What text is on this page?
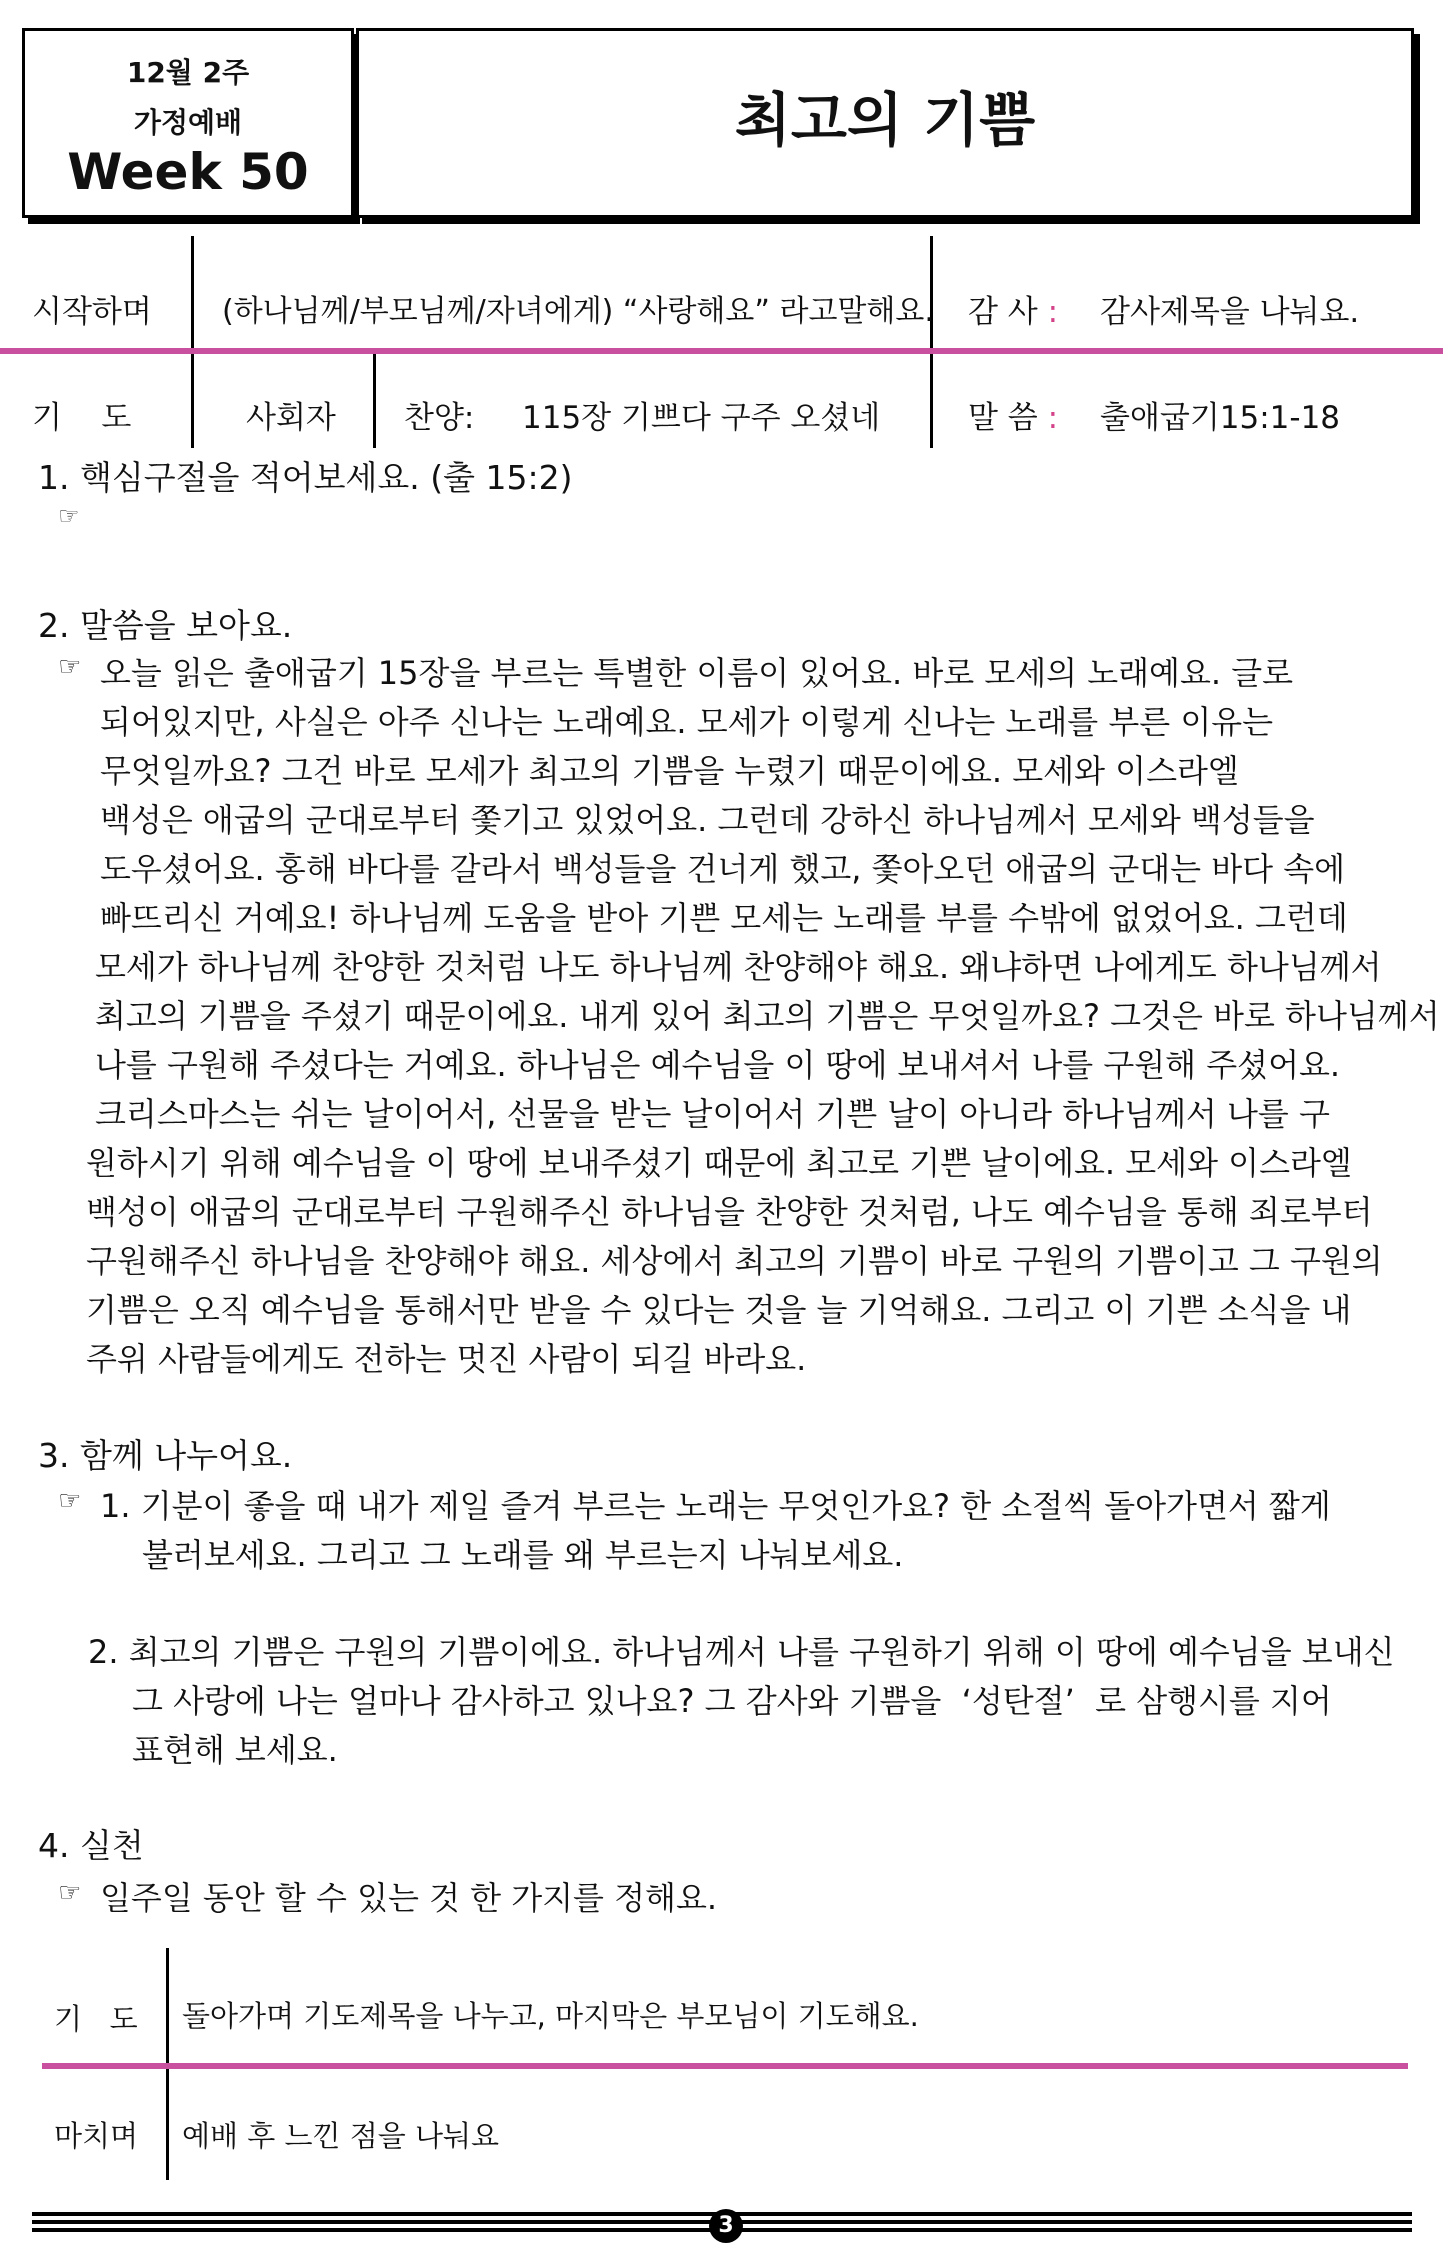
12월 2주
가정예배
Week 50
최고의 기쁨
시작하며 (하나님께/부모님께/자녀에게) “사랑해요” 라고말해요. 감 사 : 감사제목을 나눠요.
기    도	사회자 찬양: 115장 기쁘다 구주 오셨네	말 씀 : 출애굽기15:1-18
1. 핵심구절을 적어보세요. (출 15:2)
☞
2. 말씀을 보아요.
☞ 오늘 읽은 출애굽기 15장을 부르는 특별한 이름이 있어요. 바로 모세의 노래예요. 글로
되어있지만, 사실은 아주 신나는 노래예요. 모세가 이렇게 신나는 노래를 부른 이유는
무엇일까요? 그건 바로 모세가 최고의 기쁨을 누렸기 때문이에요. 모세와 이스라엘
백성은 애굽의 군대로부터 쫓기고 있었어요. 그런데 강하신 하나님께서 모세와 백성들을
도우셨어요. 홍해 바다를 갈라서 백성들을 건너게 했고, 쫓아오던 애굽의 군대는 바다 속에
빠뜨리신 거예요! 하나님께 도움을 받아 기쁜 모세는 노래를 부를 수밖에 없었어요. 그런데
모세가 하나님께 찬양한 것처럼 나도 하나님께 찬양해야 해요. 왜냐하면 나에게도 하나님께서
최고의 기쁨을 주셨기 때문이에요. 내게 있어 최고의 기쁨은 무엇일까요? 그것은 바로 하나님께서
나를 구원해 주셨다는 거예요. 하나님은 예수님을 이 땅에 보내셔서 나를 구원해 주셨어요.
크리스마스는 쉬는 날이어서, 선물을 받는 날이어서 기쁜 날이 아니라 하나님께서 나를 구
원하시기 위해 예수님을 이 땅에 보내주셨기 때문에 최고로 기쁜 날이에요. 모세와 이스라엘
백성이 애굽의 군대로부터 구원해주신 하나님을 찬양한 것처럼, 나도 예수님을 통해 죄로부터
구원해주신 하나님을 찬양해야 해요. 세상에서 최고의 기쁨이 바로 구원의 기쁨이고 그 구원의
기쁨은 오직 예수님을 통해서만 받을 수 있다는 것을 늘 기억해요. 그리고 이 기쁜 소식을 내
주위 사람들에게도 전하는 멋진 사람이 되길 바라요.
3. 함께 나누어요.
☞ 1. 기분이 좋을 때 내가 제일 즐겨 부르는 노래는 무엇인가요? 한 소절씩 돌아가면서 짧게
불러보세요. 그리고 그 노래를 왜 부르는지 나눠보세요.
2. 최고의 기쁨은 구원의 기쁨이에요. 하나님께서 나를 구원하기 위해 이 땅에 예수님을 보내신
그 사랑에 나는 얼마나 감사하고 있나요? 그 감사와 기쁨을  ‘성탄절’  로 삼행시를 지어
표현해 보세요.
4. 실천
☞ 일주일 동안 할 수 있는 것 한 가지를 정해요.
기   도 돌아가며 기도제목을 나누고, 마지막은 부모님이 기도해요.
마치며 예배 후 느낀 점을 나눠요
3
